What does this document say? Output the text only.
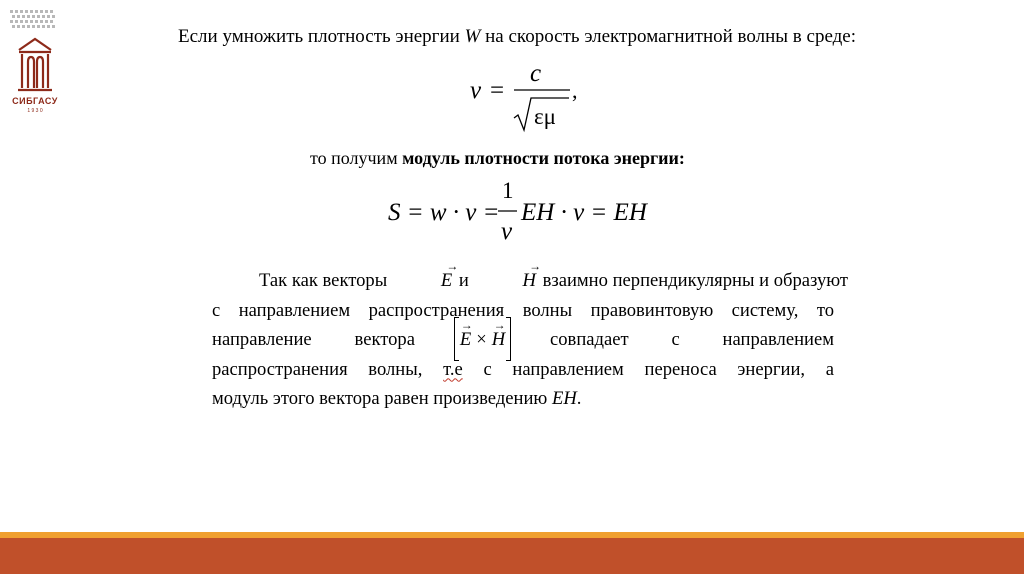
СИБГАСУ
1 9 3 0
Если умножить плотность энергии W на скорость электромагнитной волны в среде:
v =
c
εμ
,
то получим модуль плотности потока энергии:
S = w · v =
1
v
EH · v = EH
Так как векторы	→ E и	→ H взаимно перпендикулярны и образуют
с направлением распространения волны правовинтовую систему, то
направление вектора → E × → H совпадает с направлением
распространения волны, т.е с направлением переноса энергии, а
модуль этого вектора равен произведению EH.
